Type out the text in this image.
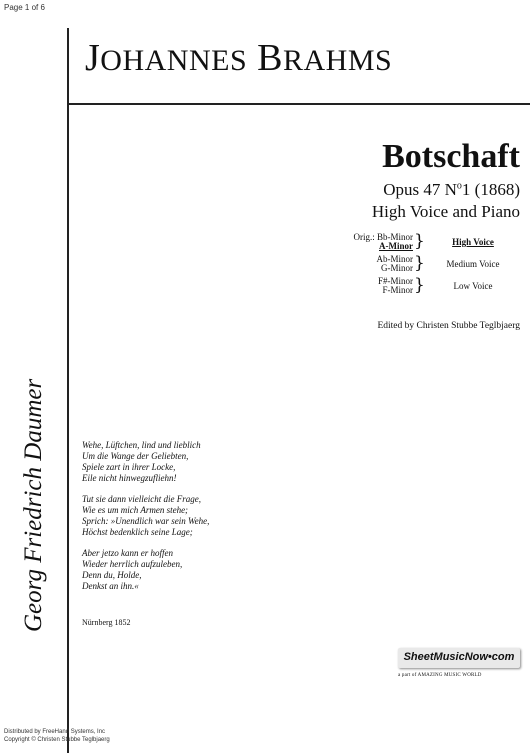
Page 1 of 6
JOHANNES BRAHMS
Botschaft
Opus 47 $N^o1$ (1868)
High Voice and Piano
Orig.: Bb-Minor
A-Minor }	High Voice
Ab-Minor
G-Minor }	Medium Voice
F#-Minor
F-Minor }	Low Voice
Edited by Christen Stubbe Teglbjaerg
Georg Friedrich Daumer	Wehe, Lüftchen, lind und lieblich
Um die Wange der Geliebten,
Spiele zart in ihrer Locke,
Eile nicht hinwegzufliehn!
Tut sie dann vielleicht die Frage,
Wie es um mich Armen stehe;
Sprich: »Unendlich war sein Wehe,
Höchst bedenklich seine Lage;
Aber jetzo kann er hoffen
Wieder herrlich aufzuleben,
Denn du, Holde,
Denkst an ihn.«
Nürnberg 1852
SheetMusicNow•com
a part of AMAZING MUSIC WORLD
Distributed by FreeHand Systems, Inc
Copyright © Christen Stubbe Teglbjaerg
